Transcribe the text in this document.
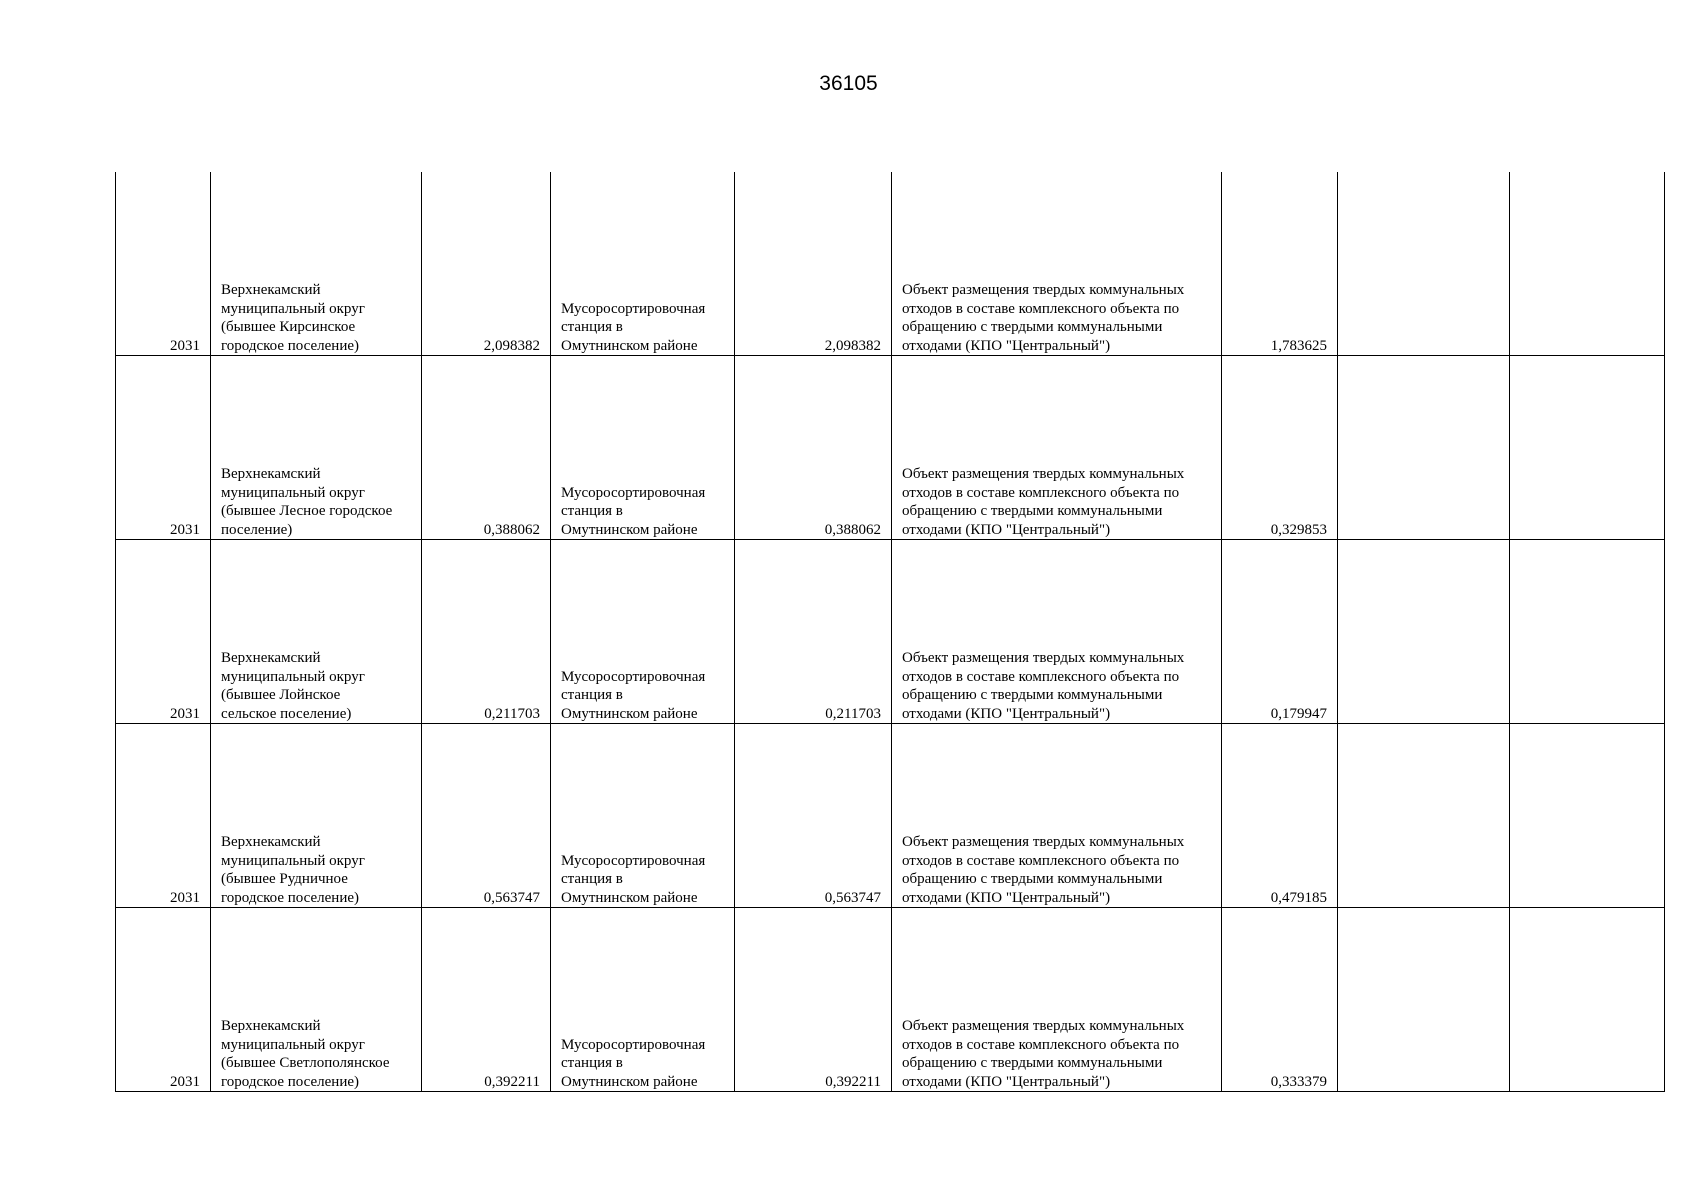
36105
2031	Верхнекамский
муниципальный округ
(бывшее Кирсинское
городское поселение)	2,098382	Мусоросортировочная
станция в
Омутнинском районе	2,098382	Объект размещения твердых коммунальных
отходов в составе комплексного объекта по
обращению с твердыми коммунальными
отходами (КПО "Центральный")	1,783625		

2031	Верхнекамский
муниципальный округ
(бывшее Лесное городское
поселение)	0,388062	Мусоросортировочная
станция в
Омутнинском районе	0,388062	Объект размещения твердых коммунальных
отходов в составе комплексного объекта по
обращению с твердыми коммунальными
отходами (КПО "Центральный")	0,329853		

2031	Верхнекамский
муниципальный округ
(бывшее Лойнское
сельское поселение)	0,211703	Мусоросортировочная
станция в
Омутнинском районе	0,211703	Объект размещения твердых коммунальных
отходов в составе комплексного объекта по
обращению с твердыми коммунальными
отходами (КПО "Центральный")	0,179947		

2031	Верхнекамский
муниципальный округ
(бывшее Рудничное
городское поселение)	0,563747	Мусоросортировочная
станция в
Омутнинском районе	0,563747	Объект размещения твердых коммунальных
отходов в составе комплексного объекта по
обращению с твердыми коммунальными
отходами (КПО "Центральный")	0,479185		

2031	Верхнекамский
муниципальный округ
(бывшее Светлополянское
городское поселение)	0,392211	Мусоросортировочная
станция в
Омутнинском районе	0,392211	Объект размещения твердых коммунальных
отходов в составе комплексного объекта по
обращению с твердыми коммунальными
отходами (КПО "Центральный")	0,333379		
